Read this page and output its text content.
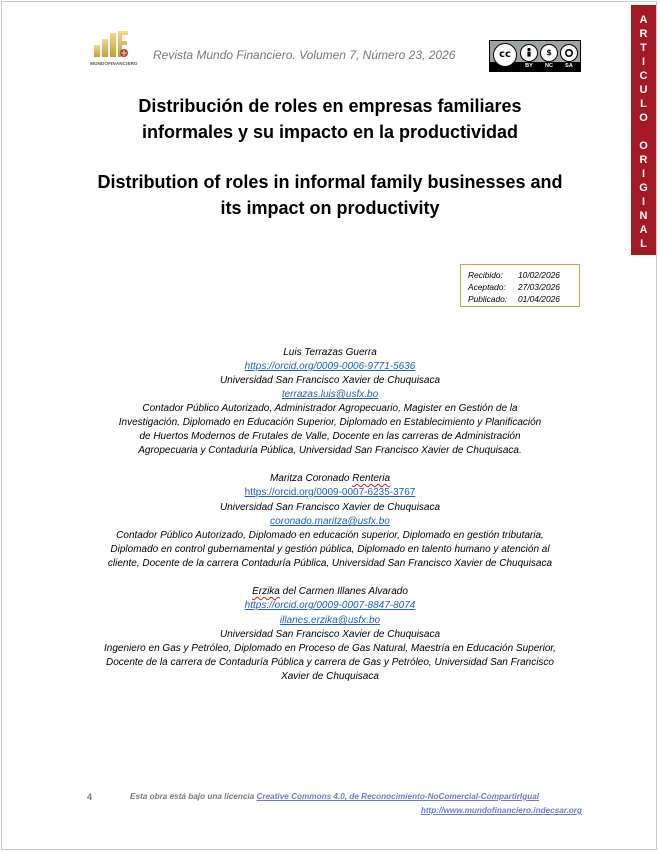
MUNDOFINANCIERO
Revista Mundo Financiero. Volumen 7, Número 23, 2026	cc	$
BY	NC	SA
A
R
T
I
C
U
L
O
O
R
I
G
I
N
A
L
Distribución de roles en empresas familiares
informales y su impacto en la productividad
Distribution of roles in informal family businesses and
its impact on productivity
Recibido: 10/02/2026
Aceptado: 27/03/2026
Publicado: 01/04/2026
Luis Terrazas Guerra
https://orcid.org/0009-0006-9771-5636
Universidad San Francisco Xavier de Chuquisaca
terrazas.luis@usfx.bo
Contador Público Autorizado, Administrador Agropecuario, Magister en Gestión de la
Investigación, Diplomado en Educación Superior, Diplomado en Establecimiento y Planificación
de Huertos Modernos de Frutales de Valle, Docente en las carreras de Administración
Agropecuaria y Contaduría Pública, Universidad San Francisco Xavier de Chuquisaca.
Maritza Coronado Renteria
https://orcid.org/0009-0007-6235-3767
Universidad San Francisco Xavier de Chuquisaca
coronado.maritza@usfx.bo
Contador Público Autorizado, Diplomado en educación superior, Diplomado en gestión tributaria,
Diplomado en control gubernamental y gestión pública, Diplomado en talento humano y atención al
cliente, Docente de la carrera Contaduría Pública, Universidad San Francisco Xavier de Chuquisaca
Erzika del Carmen Illanes Alvarado
https://orcid.org/0009-0007-8847-8074
illanes.erzika@usfx.bo
Universidad San Francisco Xavier de Chuquisaca
Ingeniero en Gas y Petróleo, Diplomado en Proceso de Gas Natural, Maestría en Educación Superior,
Docente de la carrera de Contaduría Pública y carrera de Gas y Petróleo, Universidad San Francisco
Xavier de Chuquisaca
4	Esta obra está bajo una licencia Creative Commons 4.0, de Reconocimiento-NoComercial-CompartirIgual
http://www.mundofinanciero.indecsar.org
